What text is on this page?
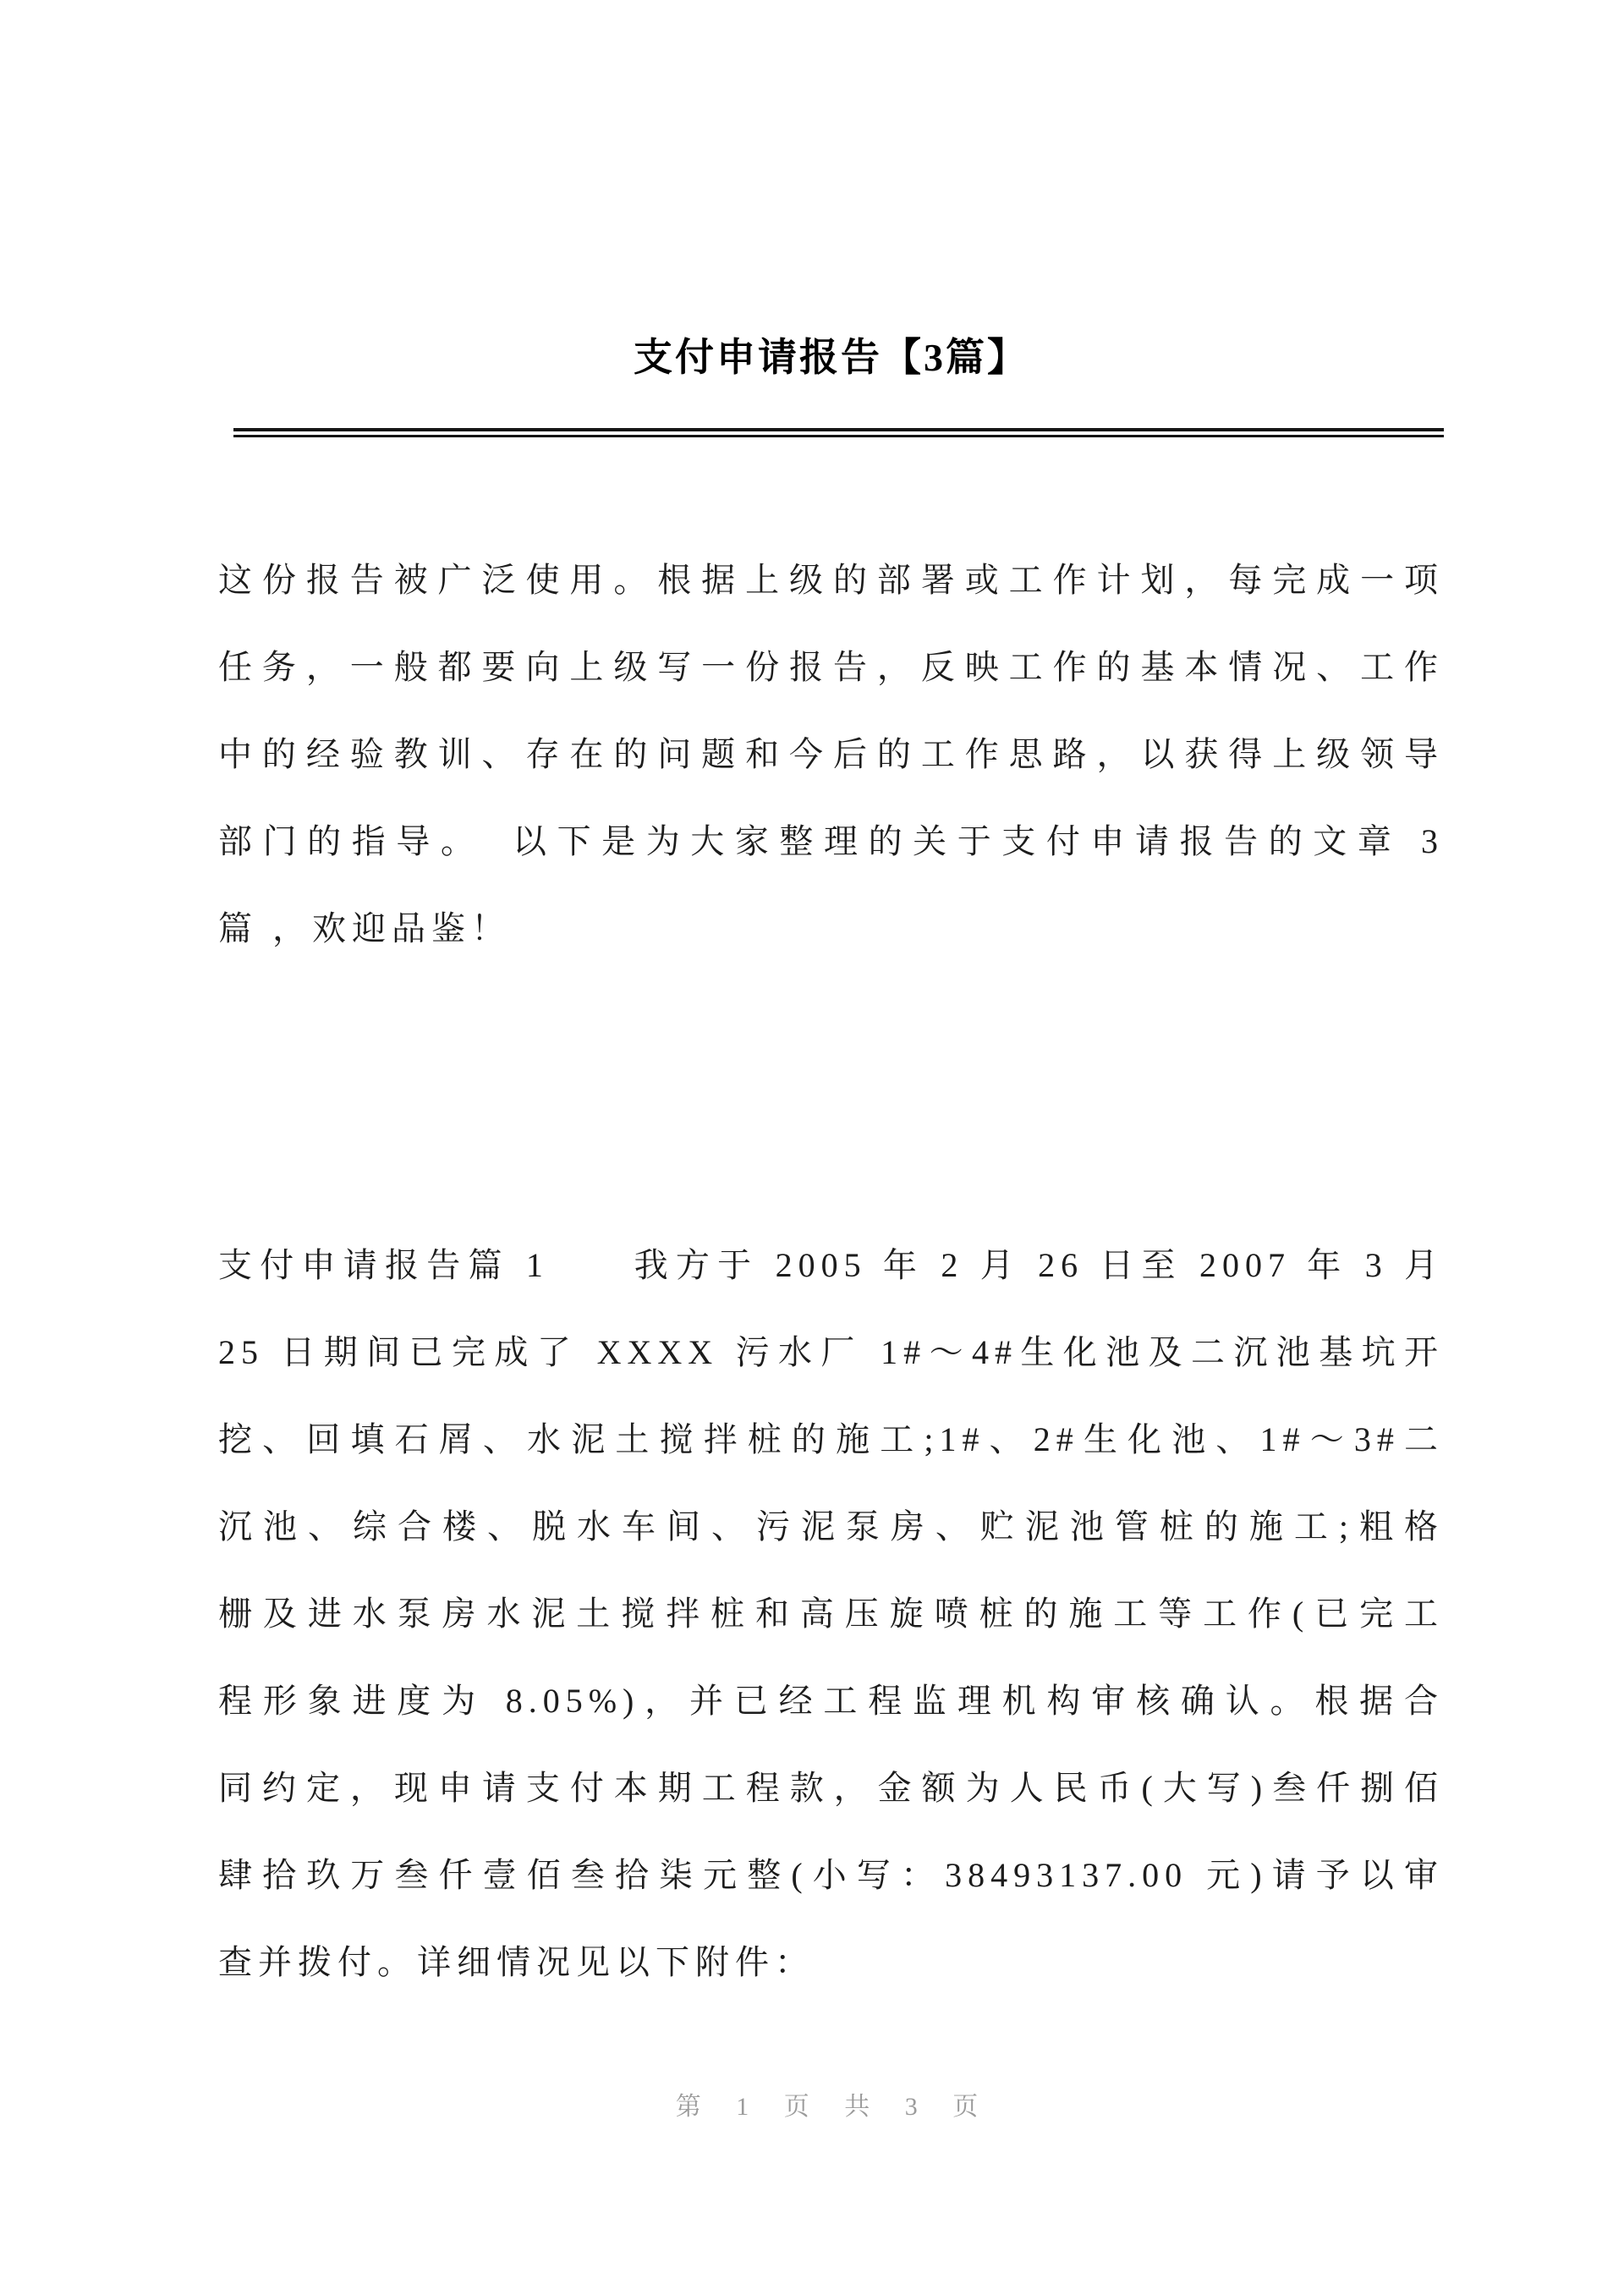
支付申请报告【3篇】
这份报告被广泛使用。根据上级的部署或工作计划，每完成一项
任务，一般都要向上级写一份报告，反映工作的基本情况、工作
中的经验教训、存在的问题和今后的工作思路，以获得上级领导
部门的指导。　以下是为大家整理的关于支付申请报告的文章 3
篇 ，欢迎品鉴！
支付申请报告篇 1　　我方于 2005 年 2 月 26 日至 2007 年 3 月
25 日期间已完成了 XXXX 污水厂 1#～4#生化池及二沉池基坑开
挖、回填石屑、水泥土搅拌桩的施工;1#、2#生化池、1#～3#二
沉池、综合楼、脱水车间、污泥泵房、贮泥池管桩的施工;粗格
栅及进水泵房水泥土搅拌桩和高压旋喷桩的施工等工作(已完工
程形象进度为 8.05%)，并已经工程监理机构审核确认。根据合
同约定，现申请支付本期工程款，金额为人民币(大写)叁仟捌佰
肆拾玖万叁仟壹佰叁拾柒元整(小写：38493137.00 元)请予以审
查并拨付。详细情况见以下附件：
第 1 页 共 3 页
